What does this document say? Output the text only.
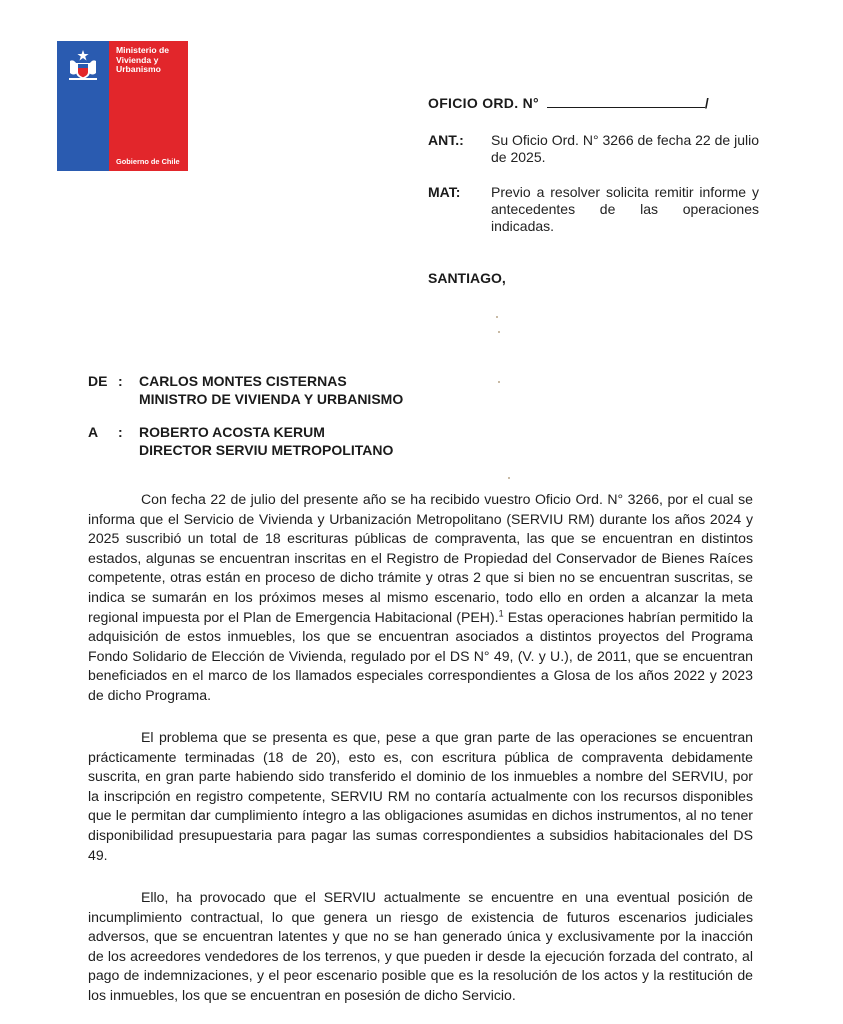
Ministerio de
Vivienda y
Urbanismo
Gobierno de Chile
OFICIO ORD. N°	/
ANT.: Su Oficio Ord. N° 3266 de fecha 22 de julio de 2025.
MAT: Previo a resolver solicita remitir informe y antecedentes de las operaciones indicadas.
SANTIAGO,
DE : CARLOS MONTES CISTERNAS
MINISTRO DE VIVIENDA Y URBANISMO
A	: ROBERTO ACOSTA KERUM
DIRECTOR SERVIU METROPOLITANO
Con fecha 22 de julio del presente año se ha recibido vuestro Oficio Ord. N° 3266, por el cual se informa que el Servicio de Vivienda y Urbanización Metropolitano (SERVIU RM) durante los años 2024 y 2025 suscribió un total de 18 escrituras públicas de compraventa, las que se encuentran en distintos estados, algunas se encuentran inscritas en el Registro de Propiedad del Conservador de Bienes Raíces competente, otras están en proceso de dicho trámite y otras 2 que si bien no se encuentran suscritas, se indica se sumarán en los próximos meses al mismo escenario, todo ello en orden a alcanzar la meta regional impuesta por el Plan de Emergencia Habitacional (PEH).$^1$ Estas operaciones habrían permitido la adquisición de estos inmuebles, los que se encuentran asociados a distintos proyectos del Programa Fondo Solidario de Elección de Vivienda, regulado por el DS N° 49, (V. y U.), de 2011, que se encuentran beneficiados en el marco de los llamados especiales correspondientes a Glosa de los años 2022 y 2023 de dicho Programa.
El problema que se presenta es que, pese a que gran parte de las operaciones se encuentran prácticamente terminadas (18 de 20), esto es, con escritura pública de compraventa debidamente suscrita, en gran parte habiendo sido transferido el dominio de los inmuebles a nombre del SERVIU, por la inscripción en registro competente, SERVIU RM no contaría actualmente con los recursos disponibles que le permitan dar cumplimiento íntegro a las obligaciones asumidas en dichos instrumentos, al no tener disponibilidad presupuestaria para pagar las sumas correspondientes a subsidios habitacionales del DS 49.
Ello, ha provocado que el SERVIU actualmente se encuentre en una eventual posición de incumplimiento contractual, lo que genera un riesgo de existencia de futuros escenarios judiciales adversos, que se encuentran latentes y que no se han generado única y exclusivamente por la inacción de los acreedores vendedores de los terrenos, y que pueden ir desde la ejecución forzada del contrato, al pago de indemnizaciones, y el peor escenario posible que es la resolución de los actos y la restitución de los inmuebles, los que se encuentran en posesión de dicho Servicio.
